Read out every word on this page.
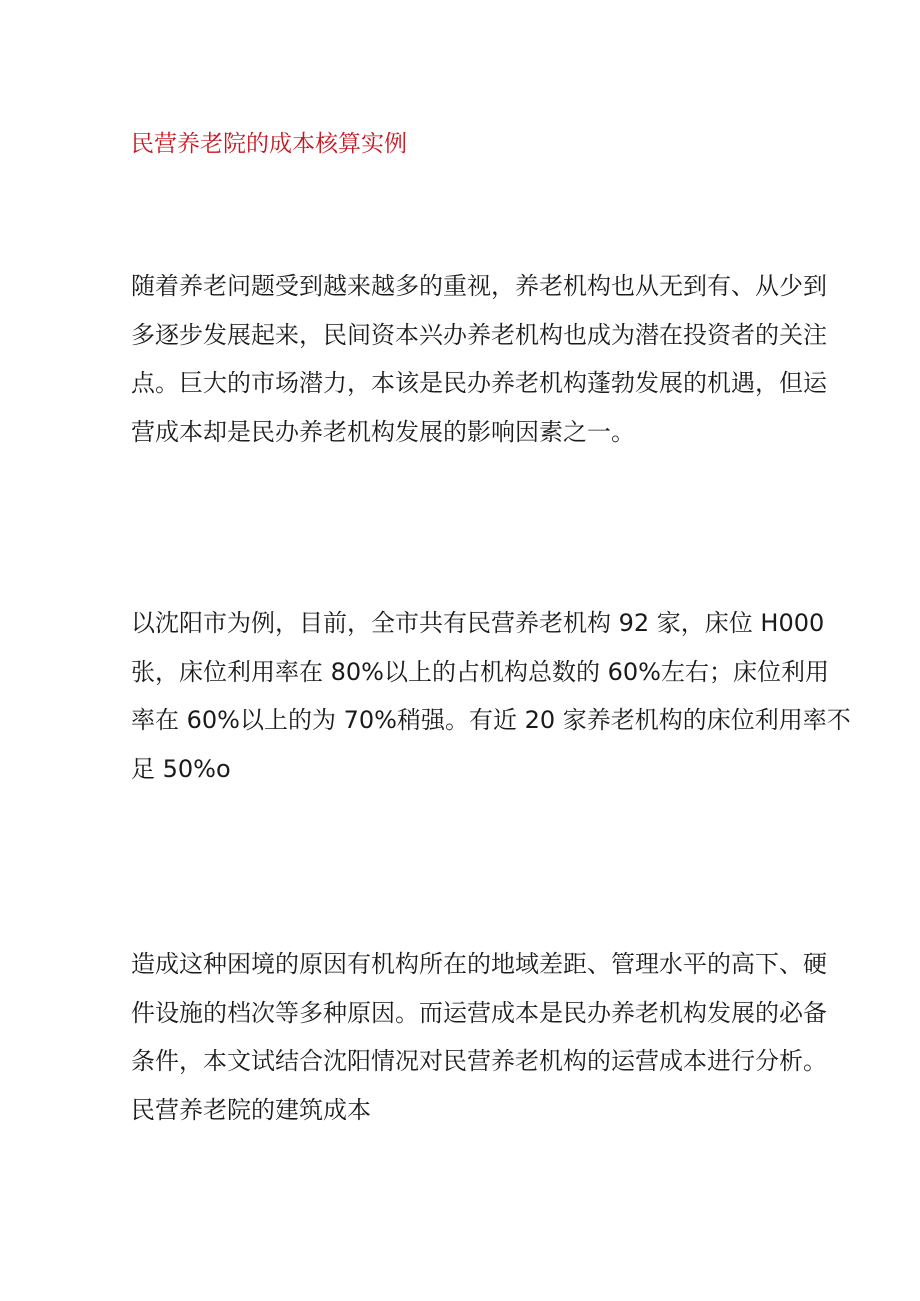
民营养老院的成本核算实例

随着养老问题受到越来越多的重视，养老机构也从无到有、从少到
多逐步发展起来，民间资本兴办养老机构也成为潜在投资者的关注
点。巨大的市场潜力，本该是民办养老机构蓬勃发展的机遇，但运
营成本却是民办养老机构发展的影响因素之一。

以沈阳市为例，目前，全市共有民营养老机构 92 家，床位 H000
张，床位利用率在 80%以上的占机构总数的 60%左右；床位利用
率在 60%以上的为 70%稍强。有近 20 家养老机构的床位利用率不
足 50%o

造成这种困境的原因有机构所在的地域差距、管理水平的高下、硬
件设施的档次等多种原因。而运营成本是民办养老机构发展的必备
条件，本文试结合沈阳情况对民营养老机构的运营成本进行分析。
民营养老院的建筑成本
